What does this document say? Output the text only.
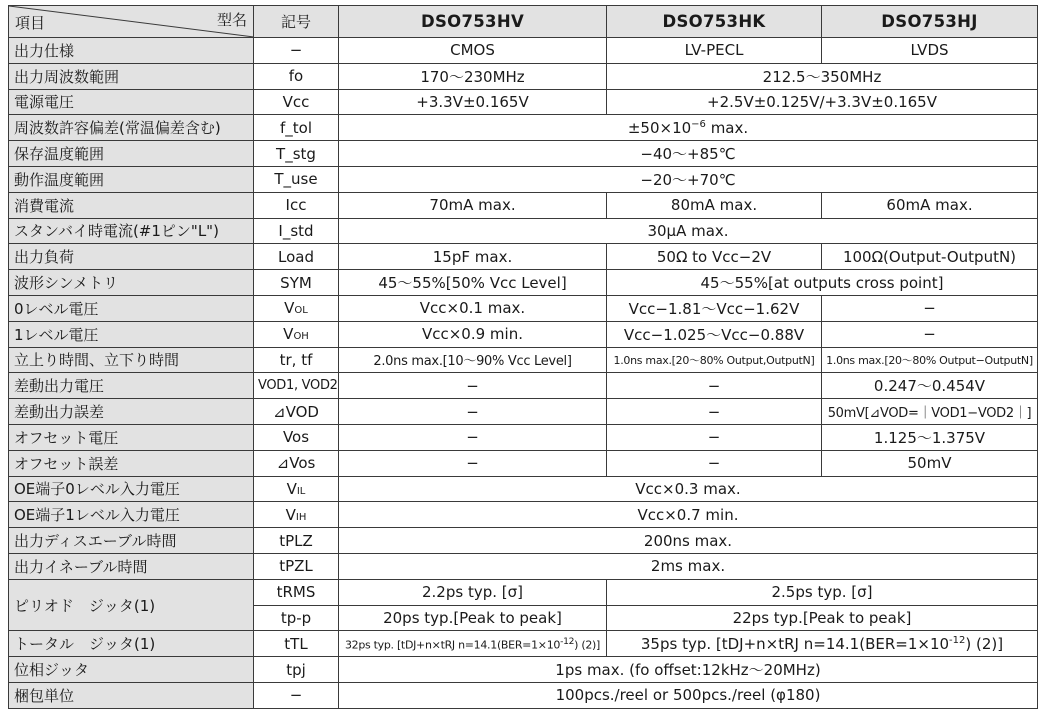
型名
項目	記号	DSO753HV	DSO753HK	DSO753HJ
出力仕様	−	CMOS	LV-PECL	LVDS
出力周波数範囲	fo	170〜230MHz	212.5〜350MHz	
電源電圧	Vcc	+3.3V±0.165V	+2.5V±0.125V/+3.3V±0.165V	
周波数許容偏差(常温偏差含む)	f_tol	$\pm 50\times 10^{-6}$ max.		
保存温度範囲	T_stg	−40〜+85℃		
動作温度範囲	T_use	−20〜+70℃		
消費電流	Icc	70mA max.	80mA max.	60mA max.
スタンバイ時電流(#1ピン"L")	I_std	30μA max.		
出力負荷	Load	15pF max.	50Ω to Vcc−2V	100Ω(Output-OutputN)
波形シンメトリ	SYM	45〜55%[50% Vcc Level]	45〜55%[at outputs cross point]	
0レベル電圧	VOL	Vcc×0.1 max.	Vcc−1.81〜Vcc−1.62V	−
1レベル電圧	VOH	Vcc×0.9 min.	Vcc−1.025〜Vcc−0.88V	−
立上り時間、立下り時間	tr, tf	2.0ns max.[10〜90% Vcc Level]	1.0ns max.[20〜80% Output,OutputN]	1.0ns max.[20〜80% Output−OutputN]
差動出力電圧	VOD1, VOD2	−	−	0.247〜0.454V
差動出力誤差	⊿VOD	−	−	50mV[⊿VOD=｜VOD1−VOD2｜]
オフセット電圧	Vos	−	−	1.125〜1.375V
オフセット誤差	⊿Vos	−	−	50mV
OE端子0レベル入力電圧	VIL	Vcc×0.3 max.		
OE端子1レベル入力電圧	VIH	Vcc×0.7 min.		
出力ディスエーブル時間	tPLZ	200ns max.		
出力イネーブル時間	tPZL	2ms max.		
ピリオド　ジッタ(1)	tRMS	2.2ps typ. [σ]	2.5ps typ. [σ]	
	tp-p	20ps typ.[Peak to peak]	22ps typ.[Peak to peak]	
トータル　ジッタ(1)	tTL	32ps typ. [tDJ+n×tRJ $n=14.1(BER=1\times 10^{-12})$ (2)]	35ps typ. [tDJ+n×tRJ $n=14.1(BER=1\times 10^{-12})$ (2)]	
位相ジッタ	tpj	1ps max. (fo offset:12kHz〜20MHz)		
梱包単位	−	100pcs./reel or 500pcs./reel (φ180)		
